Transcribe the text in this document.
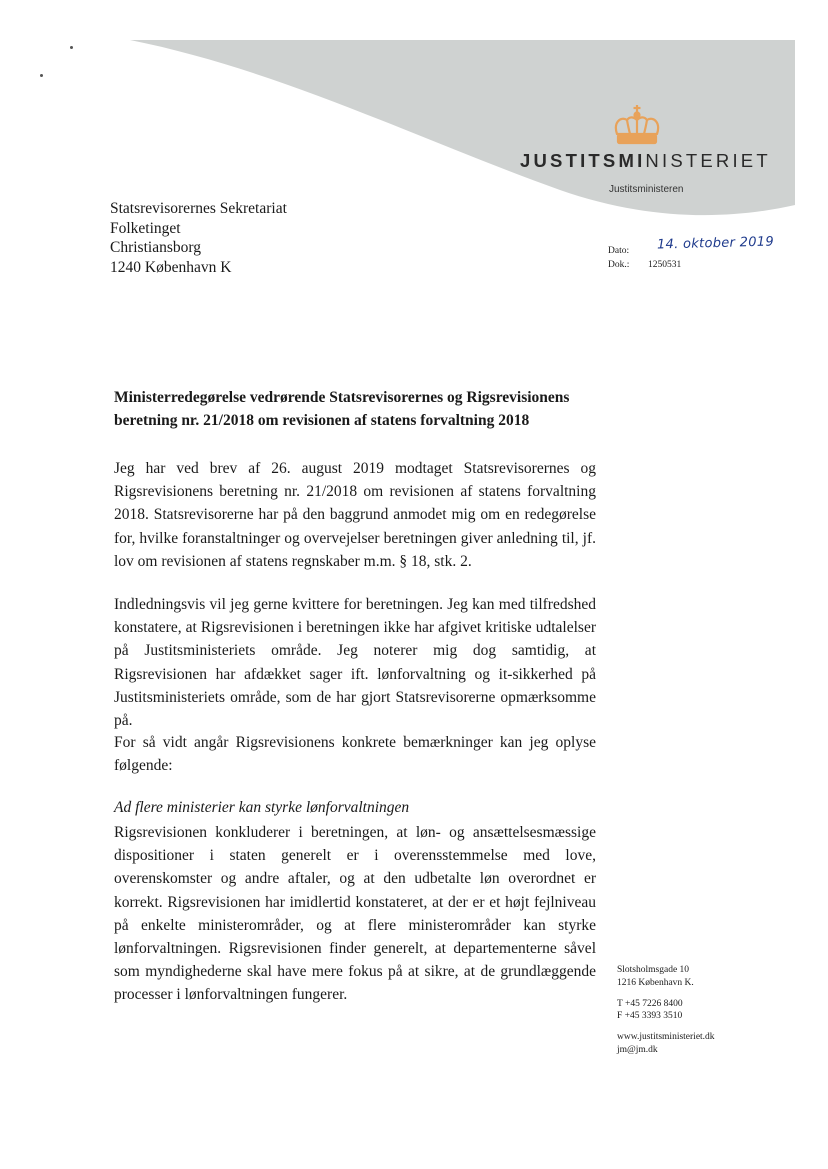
JUSTITSMINISTERIET
Justitsministeren
Statsrevisorernes Sekretariat
Folketinget
Christiansborg
1240 København K
Dato:
Dok.:	1250531
14. oktober 2019
Ministerredegørelse vedrørende Statsrevisorernes og Rigsrevisionens beretning nr. 21/2018 om revisionen af statens forvaltning 2018
Jeg har ved brev af 26. august 2019 modtaget Statsrevisorernes og Rigsrevisionens beretning nr. 21/2018 om revisionen af statens forvaltning 2018. Statsrevisorerne har på den baggrund anmodet mig om en redegørelse for, hvilke foranstaltninger og overvejelser beretningen giver anledning til, jf. lov om revisionen af statens regnskaber m.m. § 18, stk. 2.
Indledningsvis vil jeg gerne kvittere for beretningen. Jeg kan med tilfredshed konstatere, at Rigsrevisionen i beretningen ikke har afgivet kritiske udtalelser på Justitsministeriets område. Jeg noterer mig dog samtidig, at Rigsrevisionen har afdækket sager ift. lønforvaltning og it-sikkerhed på Justitsministeriets område, som de har gjort Statsrevisorerne opmærksomme på.
For så vidt angår Rigsrevisionens konkrete bemærkninger kan jeg oplyse følgende:
Ad flere ministerier kan styrke lønforvaltningen
Rigsrevisionen konkluderer i beretningen, at løn- og ansættelsesmæssige dispositioner i staten generelt er i overensstemmelse med love, overenskomster og andre aftaler, og at den udbetalte løn overordnet er korrekt. Rigsrevisionen har imidlertid konstateret, at der er et højt fejlniveau på enkelte ministerområder, og at flere ministerområder kan styrke lønforvaltningen. Rigsrevisionen finder generelt, at departementerne såvel som myndighederne skal have mere fokus på at sikre, at de grundlæggende processer i lønforvaltningen fungerer.
Slotsholmsgade 10
1216 København K.
T +45 7226 8400
F +45 3393 3510
www.justitsministeriet.dk
jm@jm.dk
